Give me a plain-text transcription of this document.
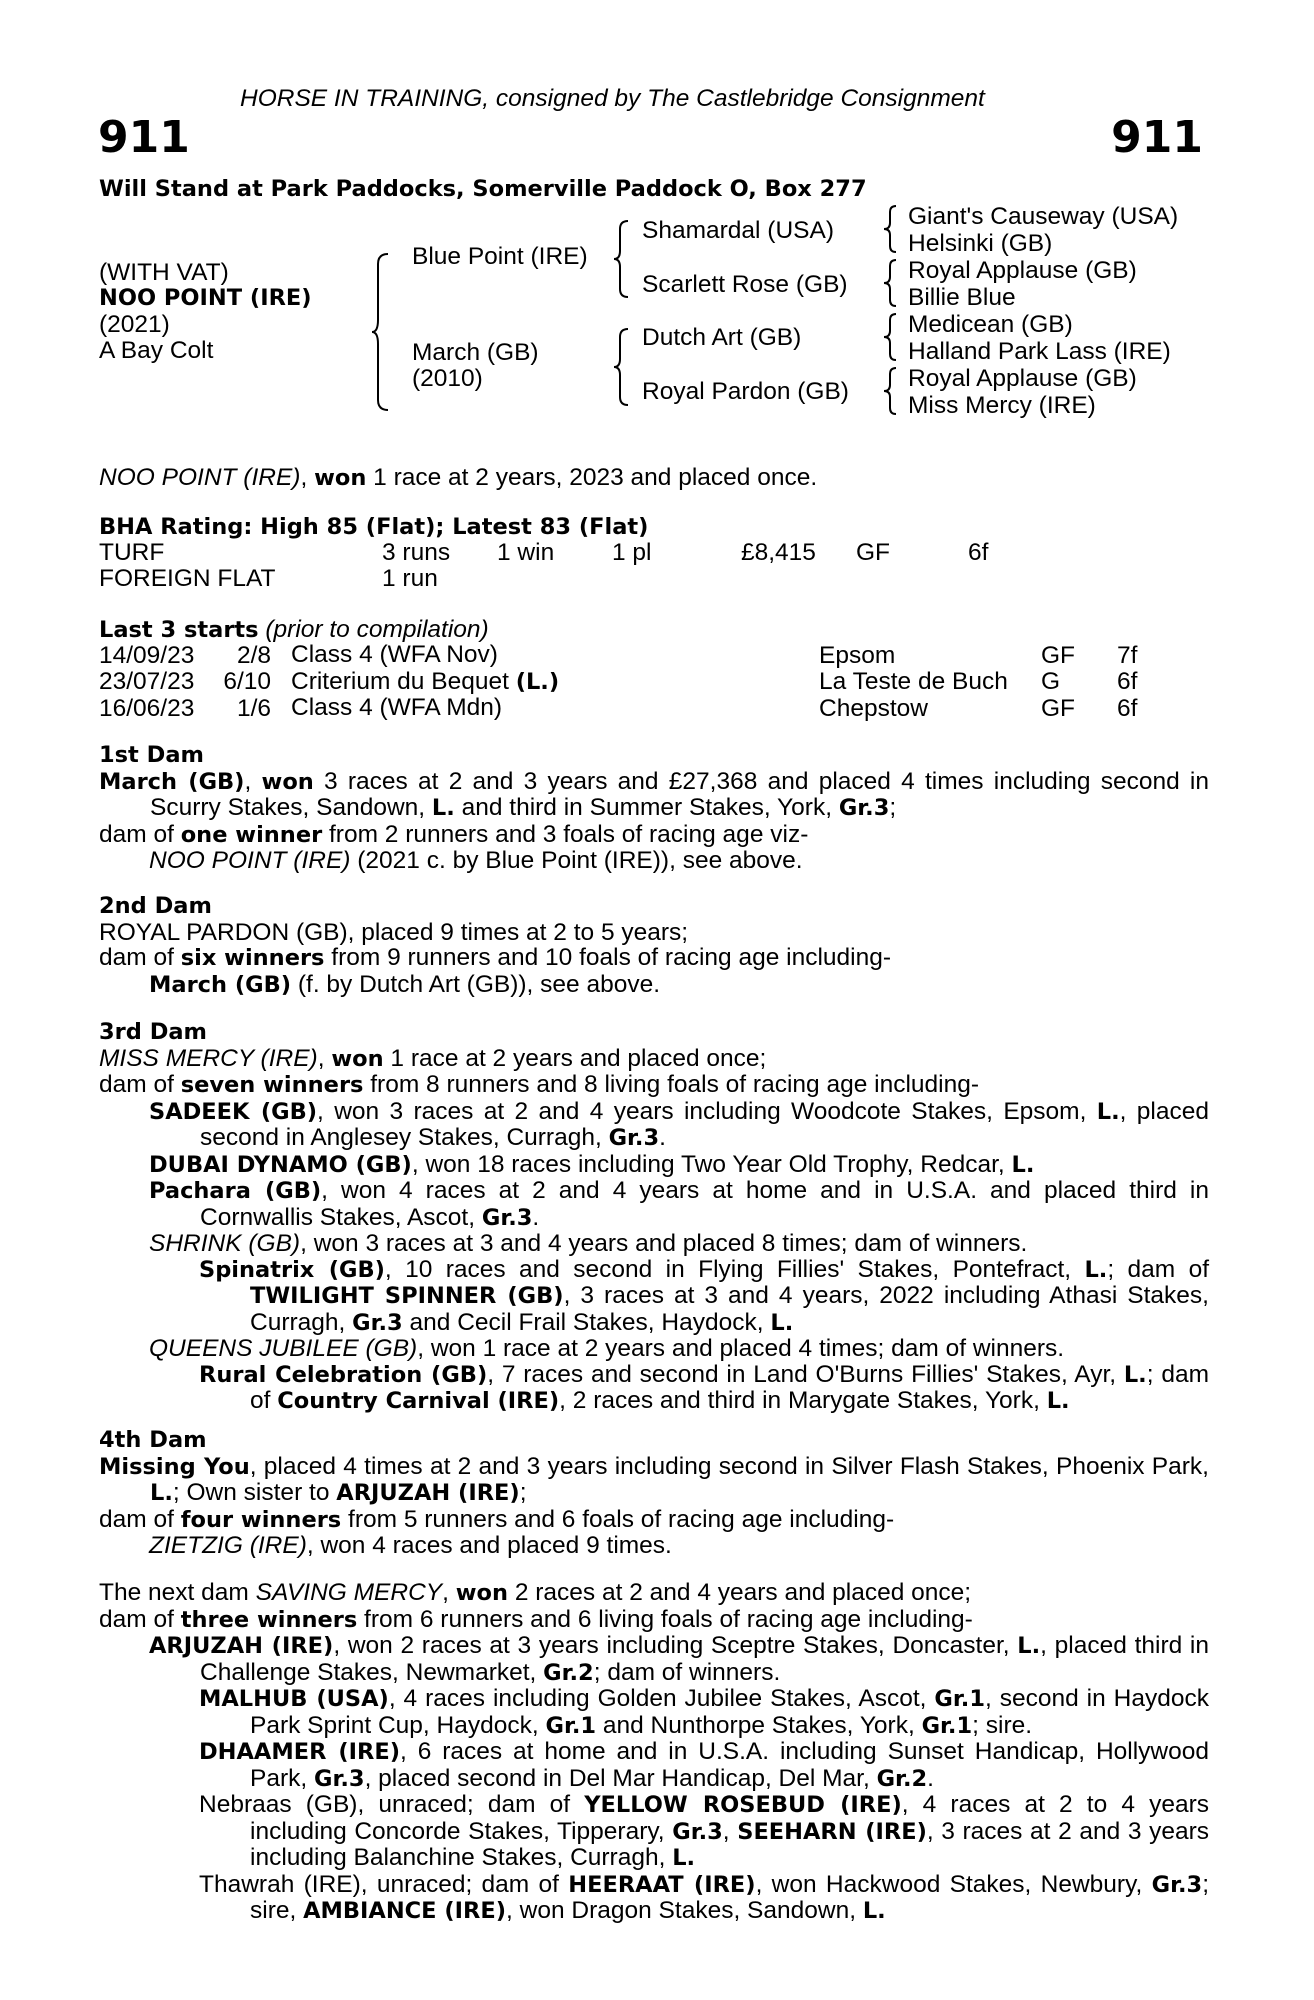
HORSE IN TRAINING, consigned by The Castlebridge Consignment
911	911
Will Stand at Park Paddocks, Somerville Paddock O, Box 277
(WITH VAT)
NOO POINT (IRE)
(2021)
A Bay Colt
Blue Point (IRE)
March (GB)
(2010)
Shamardal (USA)
Scarlett Rose (GB)
Dutch Art (GB)
Royal Pardon (GB)
Giant's Causeway (USA)
Helsinki (GB)
Royal Applause (GB)
Billie Blue
Medicean (GB)
Halland Park Lass (IRE)
Royal Applause (GB)
Miss Mercy (IRE)
NOO POINT (IRE), won 1 race at 2 years, 2023 and placed once.
BHA Rating: High 85 (Flat); Latest 83 (Flat)
TURF	3 runs	1 win	1 pl	£8,415	GF	6f
FOREIGN FLAT	1 run					
Last 3 starts (prior to compilation)
14/09/23	2/8	Class 4 (WFA Nov)	Epsom	GF	7f
23/07/23	6/10	Criterium du Bequet (L.)	La Teste de Buch	G	6f
16/06/23	1/6	Class 4 (WFA Mdn)	Chepstow	GF	6f

1st Dam

March (GB), won 3 races at 2 and 3 years and £27,368 and placed 4 times including second in Scurry Stakes, Sandown, L. and third in Summer Stakes, York, Gr.3;

dam of one winner from 2 runners and 3 foals of racing age viz-

NOO POINT (IRE) (2021 c. by Blue Point (IRE)), see above.

2nd Dam

ROYAL PARDON (GB), placed 9 times at 2 to 5 years;

dam of six winners from 9 runners and 10 foals of racing age including-

March (GB) (f. by Dutch Art (GB)), see above.

3rd Dam

MISS MERCY (IRE), won 1 race at 2 years and placed once;

dam of seven winners from 8 runners and 8 living foals of racing age including-

SADEEK (GB), won 3 races at 2 and 4 years including Woodcote Stakes, Epsom, L., placed second in Anglesey Stakes, Curragh, Gr.3.

DUBAI DYNAMO (GB), won 18 races including Two Year Old Trophy, Redcar, L.

Pachara (GB), won 4 races at 2 and 4 years at home and in U.S.A. and placed third in Cornwallis Stakes, Ascot, Gr.3.

SHRINK (GB), won 3 races at 3 and 4 years and placed 8 times; dam of winners.

Spinatrix (GB), 10 races and second in Flying Fillies' Stakes, Pontefract, L.; dam of TWILIGHT SPINNER (GB), 3 races at 3 and 4 years, 2022 including Athasi Stakes, Curragh, Gr.3 and Cecil Frail Stakes, Haydock, L.

QUEENS JUBILEE (GB), won 1 race at 2 years and placed 4 times; dam of winners.

Rural Celebration (GB), 7 races and second in Land O'Burns Fillies' Stakes, Ayr, L.; dam of Country Carnival (IRE), 2 races and third in Marygate Stakes, York, L.

4th Dam

Missing You, placed 4 times at 2 and 3 years including second in Silver Flash Stakes, Phoenix Park, L.; Own sister to ARJUZAH (IRE);

dam of four winners from 5 runners and 6 foals of racing age including-

ZIETZIG (IRE), won 4 races and placed 9 times.

The next dam SAVING MERCY, won 2 races at 2 and 4 years and placed once;

dam of three winners from 6 runners and 6 living foals of racing age including-

ARJUZAH (IRE), won 2 races at 3 years including Sceptre Stakes, Doncaster, L., placed third in Challenge Stakes, Newmarket, Gr.2; dam of winners.

MALHUB (USA), 4 races including Golden Jubilee Stakes, Ascot, Gr.1, second in Haydock Park Sprint Cup, Haydock, Gr.1 and Nunthorpe Stakes, York, Gr.1; sire.

DHAAMER (IRE), 6 races at home and in U.S.A. including Sunset Handicap, Hollywood Park, Gr.3, placed second in Del Mar Handicap, Del Mar, Gr.2.

Nebraas (GB), unraced; dam of YELLOW ROSEBUD (IRE), 4 races at 2 to 4 years including Concorde Stakes, Tipperary, Gr.3, SEEHARN (IRE), 3 races at 2 and 3 years including Balanchine Stakes, Curragh, L.

Thawrah (IRE), unraced; dam of HEERAAT (IRE), won Hackwood Stakes, Newbury, Gr.3; sire, AMBIANCE (IRE), won Dragon Stakes, Sandown, L.
